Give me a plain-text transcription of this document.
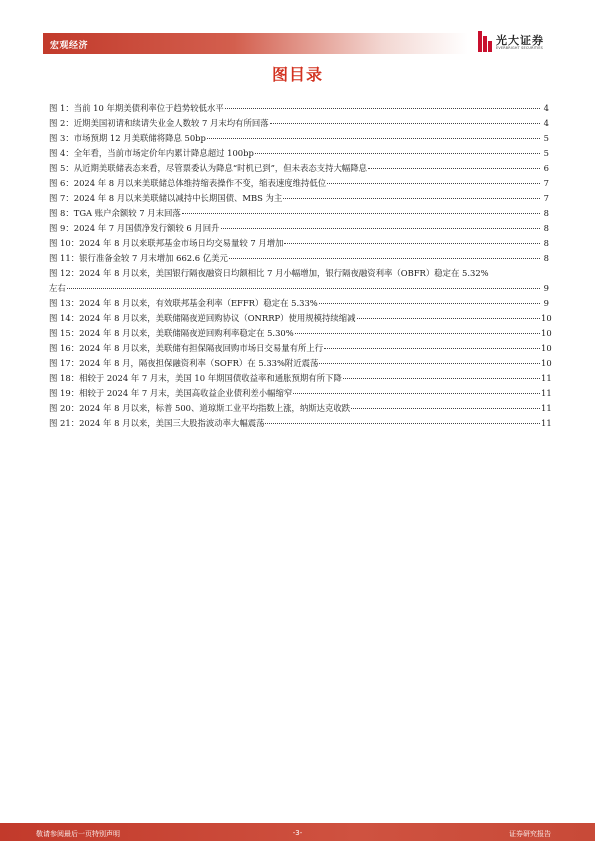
宏观经济	光大证券
EVERBRIGHT SECURITIES
图目录
图 1：当前 10 年期美债利率位于趋势较低水平	4
图 2：近期美国初请和续请失业金人数较 7 月末均有所回落	4
图 3：市场预期 12 月美联储将降息 50bp	5
图 4：全年看，当前市场定价年内累计降息超过 100bp	5
图 5：从近期美联储表态来看，尽管票委认为降息“时机已到”，但未表态支持大幅降息	6
图 6：2024 年 8 月以来美联储总体维持缩表操作不变，缩表速度维持低位	7
图 7：2024 年 8 月以来美联储以减持中长期国债、MBS 为主	7
图 8：TGA 账户余额较 7 月末回落	8
图 9：2024 年 7 月国债净发行额较 6 月回升	8
图 10：2024 年 8 月以来联邦基金市场日均交易量较 7 月增加	8
图 11：银行准备金较 7 月末增加 662.6 亿美元	8
图 12：2024 年 8 月以来，美国银行隔夜融资日均额相比 7 月小幅增加，银行隔夜融资利率（OBFR）稳定在 5.32%
左右	9
图 13：2024 年 8 月以来，有效联邦基金利率（EFFR）稳定在 5.33%	9
图 14：2024 年 8 月以来，美联储隔夜逆回购协议（ONRRP）使用规模持续缩减	10
图 15：2024 年 8 月以来，美联储隔夜逆回购利率稳定在 5.30%	10
图 16：2024 年 8 月以来，美联储有担保隔夜回购市场日交易量有所上行	10
图 17：2024 年 8 月，隔夜担保融资利率（SOFR）在 5.33%附近震荡	10
图 18：相较于 2024 年 7 月末，美国 10 年期国债收益率和通胀预期有所下降	11
图 19：相较于 2024 年 7 月末，美国高收益企业债利差小幅缩窄	11
图 20：2024 年 8 月以来，标普 500、道琼斯工业平均指数上涨，纳斯达克收跌	11
图 21：2024 年 8 月以来，美国三大股指波动率大幅震荡	11
敬请参阅最后一页特别声明	-3-	证券研究报告
